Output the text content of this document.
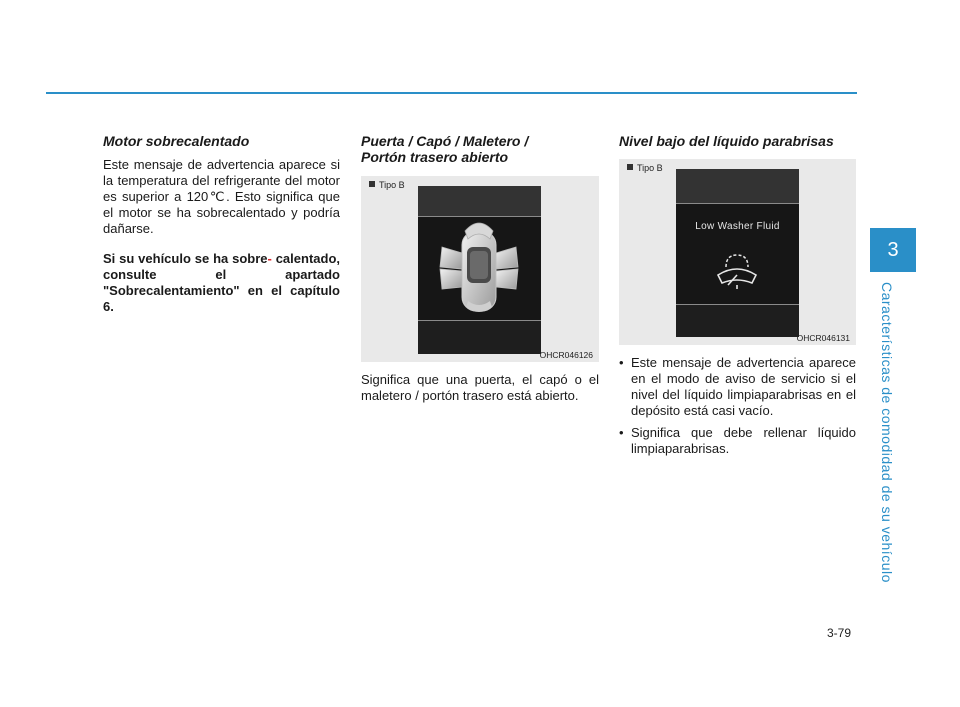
Motor sobrecalentado

Este mensaje de advertencia aparece si la temperatura del refrigerante del motor es superior a 120℃. Esto significa que el motor se ha sobrecalentado y podría dañarse.

Si su vehículo se ha sobre- calentado, consulte el apartado "Sobrecalentamiento" en el capítulo 6.

Puerta / Capó / Maletero /
Portón trasero abierto
Tipo B
OHCR046126

Significa que una puerta, el capó o el maletero / portón trasero está abierto.

Nivel bajo del líquido parabrisas
Tipo B
Low Washer Fluid
OHCR046131
• Este mensaje de advertencia aparece en el modo de aviso de servicio si el nivel del líquido limpiaparabrisas en el depósito está casi vacío.
• Significa que debe rellenar líquido limpiaparabrisas.
3
Características de comodidad de su vehículo
3-79
